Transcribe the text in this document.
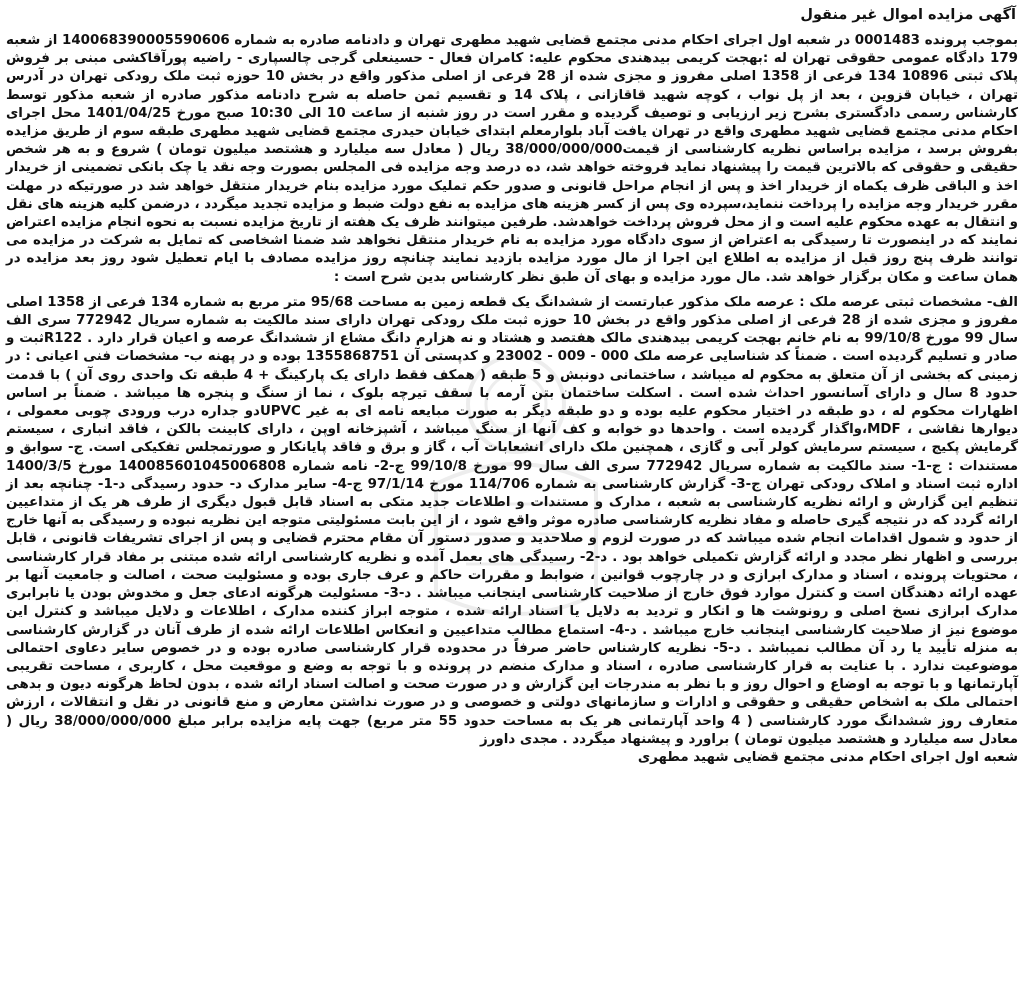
آگهی مزایده اموال غیر منقول

بموجب پرونده 0001483 در شعبه اول اجرای احکام مدنی مجتمع قضایی شهید مطهری تهران و دادنامه صادره به شماره 140068390005590606 از شعبه 179 دادگاه عمومی حقوقی تهران له :بهجت کریمی بیدهندی محکوم علیه: کامران فعال - حسینعلی گرجی چالسپاری - راضیه پورآقاکشی مبنی بر فروش پلاک ثبتی 10896 134 فرعی از 1358 اصلی مفروز و مجزی شده از 28 فرعی از اصلی مذکور واقع در بخش 10 حوزه ثبت ملک رودکی تهران در آدرس تهران ، خیابان قزوین ، بعد از پل نواب ، کوچه شهید قاقازانی ، پلاک 14 و تقسیم ثمن حاصله به شرح دادنامه مذکور صادره از شعبه مذکور توسط کارشناس رسمی دادگستری بشرح زیر ارزیابی و توصیف گردیده و مقرر است در روز شنبه از ساعت 10 الی 10:30 صبح مورخ 1401/04/25 محل اجرای احکام مدنی مجتمع قضایی شهید مطهری واقع در تهران یافت آباد بلوارمعلم ابتدای خیابان حیدری مجتمع قضایی شهید مطهری طبقه سوم از طریق مزایده بفروش برسد ، مزایده براساس نظریه کارشناسی از قیمت38/000/000/000 ریال ( معادل سه میلیارد و هشتصد میلیون تومان ) شروع و به هر شخص حقیقی و حقوقی که بالاترین قیمت را پیشنهاد نماید فروخته خواهد شد، ده درصد وجه مزایده فی المجلس بصورت وجه نقد یا چک بانکی تضمینی از خریدار اخذ و الباقی ظرف یکماه از خریدار اخذ و پس از انجام مراحل قانونی و صدور حکم تملیک مورد مزایده بنام خریدار منتقل خواهد شد در صورتیکه در مهلت مقرر خریدار وجه مزایده را پرداخت ننماید،سپرده وی پس از کسر هزینه های مزایده به نفع دولت ضبط و مزایده تجدید میگردد ، درضمن کلیه هزینه های نقل و انتقال به عهده محکوم علیه است و از محل فروش پرداخت خواهدشد. طرفین میتوانند ظرف یک هفته از تاریخ مزایده نسبت به نحوه انجام مزایده اعتراض نمایند که در اینصورت تا رسیدگی به اعتراض از سوی دادگاه مورد مزایده به نام خریدار منتقل نخواهد شد ضمنا اشخاصی که تمایل به شرکت در مزایده می توانند ظرف پنج روز قبل از مزایده به اطلاع این اجرا از مال مورد مزایده بازدید نمایند چنانچه روز مزایده مصادف با ایام تعطیل شود روز بعد مزایده در همان ساعت و مکان برگزار خواهد شد. مال مورد مزایده و بهای آن طبق نظر کارشناس بدین شرح است :

الف- مشخصات ثبتی عرصه ملک : عرصه ملک مذکور عبارتست از ششدانگ یک قطعه زمین به مساحت 95/68 متر مربع به شماره 134 فرعی از 1358 اصلی مفروز و مجزی شده از 28 فرعی از اصلی مذکور واقع در بخش 10 حوزه ثبت ملک رودکی تهران دارای سند مالکیت به شماره سریال 772942 سری الف سال 99 مورخ 99/10/8 به نام خانم بهجت کریمی بیدهندی مالک هفتصد و هشتاد و نه هزارم دانگ مشاع از ششدانگ عرصه و اعیان قرار دارد . R122ثبت و صادر و تسلیم گردیده است . ضمناً کد شناسایی عرصه ملک 000 - 009 - 23002 و کدپستی آن 1355868751 بوده و در پهنه ب- مشخصات فنی اعیانی : در زمینی که بخشی از آن متعلق به محکوم له میباشد ، ساختمانی دونبش و 5 طبقه ( همکف فقط دارای یک پارکینگ + 4 طبقه تک واحدی روی آن ) با قدمت حدود 8 سال و دارای آسانسور احداث شده است . اسکلت ساختمان بتن آرمه با سقف تیرچه بلوک ، نما از سنگ و پنجره ها میباشد . ضمناً بر اساس اظهارات محکوم له ، دو طبقه در اختیار محکوم علیه بوده و دو طبقه دیگر به صورت مبایعه نامه ای به غیر UPVCدو جداره درب ورودی چوبی معمولی ، دیوارها نقاشی ، MDF،واگذار گردیده است . واحدها دو خوابه و کف آنها از سنگ میباشد ، آشپزخانه اوپن ، دارای کابینت بالکن ، فاقد انباری ، سیستم گرمایش پکیج ، سیستم سرمایش کولر آبی و گازی ، همچنین ملک دارای انشعابات آب ، گاز و برق و فاقد پایانکار و صورتمجلس تفکیکی است. ج- سوابق و مستندات : ج-1- سند مالکیت به شماره سریال 772942 سری الف سال 99 مورخ 99/10/8 ج-2- نامه شماره 140085601045006808 مورخ 1400/3/5 اداره ثبت اسناد و املاک رودکی تهران ج-3- گزارش کارشناسی به شماره 114/706 مورخ 97/1/14 ج-4- سایر مدارک د- حدود رسیدگی د-1- چنانچه بعد از تنظیم این گزارش و ارائه نظریه کارشناسی به شعبه ، مدارک و مستندات و اطلاعات جدید متکی به اسناد قابل قبول دیگری از طرف هر یک از متداعیین ارائه گردد که در نتیجه گیری حاصله و مفاد نظریه کارشناسی صادره موثر واقع شود ، از این بابت مسئولیتی متوجه این نظریه نبوده و رسیدگی به آنها خارج از حدود و شمول اقدامات انجام شده میباشد که در صورت لزوم و صلاحدید و صدور دستور آن مقام محترم قضایی و پس از اجرای تشریفات قانونی ، قابل بررسی و اظهار نظر مجدد و ارائه گزارش تکمیلی خواهد بود . د-2- رسیدگی های بعمل آمده و نظریه کارشناسی ارائه شده مبتنی بر مفاد قرار کارشناسی ، محتویات پرونده ، اسناد و مدارک ابرازی و در چارچوب قوانین ، ضوابط و مقررات حاکم و عرف جاری بوده و مسئولیت صحت ، اصالت و جامعیت آنها بر عهده ارائه دهندگان است و کنترل موارد فوق خارج از صلاحیت کارشناسی اینجانب میباشد . د-3- مسئولیت هرگونه ادعای جعل و مخدوش بودن یا نابرابری مدارک ابرازی نسخ اصلی و رونوشت ها و انکار و تردید به دلایل یا اسناد ارائه شده ، متوجه ابراز کننده مدارک ، اطلاعات و دلایل میباشد و کنترل این موضوع نیز از صلاحیت کارشناسی اینجانب خارج میباشد . د-4- استماع مطالب متداعیین و انعکاس اطلاعات ارائه شده از طرف آنان در گزارش کارشناسی به منزله تأیید یا رد آن مطالب نمیباشد . د-5- نظریه کارشناس حاضر صرفاً در محدوده قرار کارشناسی صادره بوده و در خصوص سایر دعاوی احتمالی موضوعیت ندارد . با عنایت به قرار کارشناسی صادره ، اسناد و مدارک منضم در پرونده و با توجه به وضع و موقعیت محل ، کاربری ، مساحت تقریبی آپارتمانها و با توجه به اوضاع و احوال روز و با نظر به مندرجات این گزارش و در صورت صحت و اصالت اسناد ارائه شده ، بدون لحاظ هرگونه دیون و بدهی احتمالی ملک به اشخاص حقیقی و حقوقی و ادارات و سازمانهای دولتی و خصوصی و در صورت نداشتن معارض و منع قانونی در نقل و انتقالات ، ارزش متعارف روز ششدانگ مورد کارشناسی ( 4 واحد آپارتمانی هر یک به مساحت حدود 55 متر مربع) جهت پایه مزایده برابر مبلغ 38/000/000/000 ریال ( معادل سه میلیارد و هشتصد میلیون تومان ) براورد و پیشنهاد میگردد . مجدی داورز

شعبه اول اجرای احکام مدنی مجتمع قضایی شهید مطهری
